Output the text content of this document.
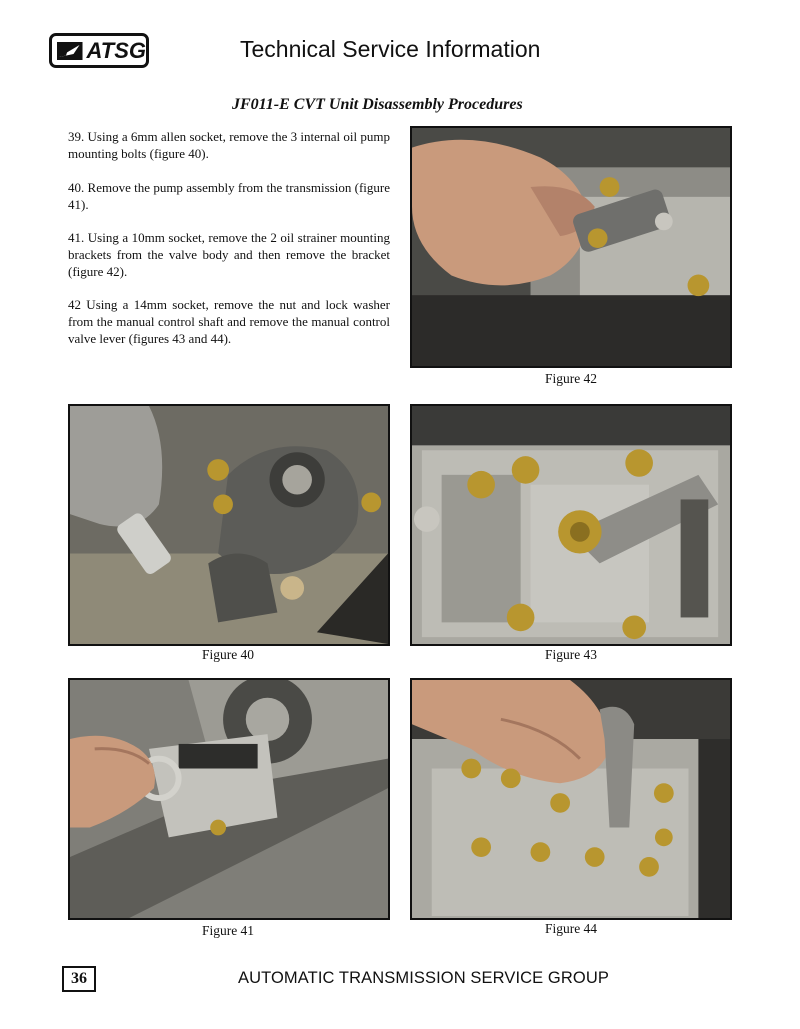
ATSG	Technical Service Information
JF011-E CVT Unit Disassembly Procedures
39. Using a 6mm allen socket, remove the 3 internal oil pump mounting bolts (figure 40).
40. Remove the pump assembly from the transmission (figure 41).
41. Using a 10mm socket, remove the 2 oil strainer mounting brackets from the valve body and then remove the bracket (figure 42).
42 Using a 14mm socket, remove the nut and lock washer from the manual control shaft and remove the manual control valve lever (figures 43 and 44).
Figure 42
Figure 40	Figure 43
Figure 41	Figure 44
36	AUTOMATIC TRANSMISSION SERVICE GROUP
